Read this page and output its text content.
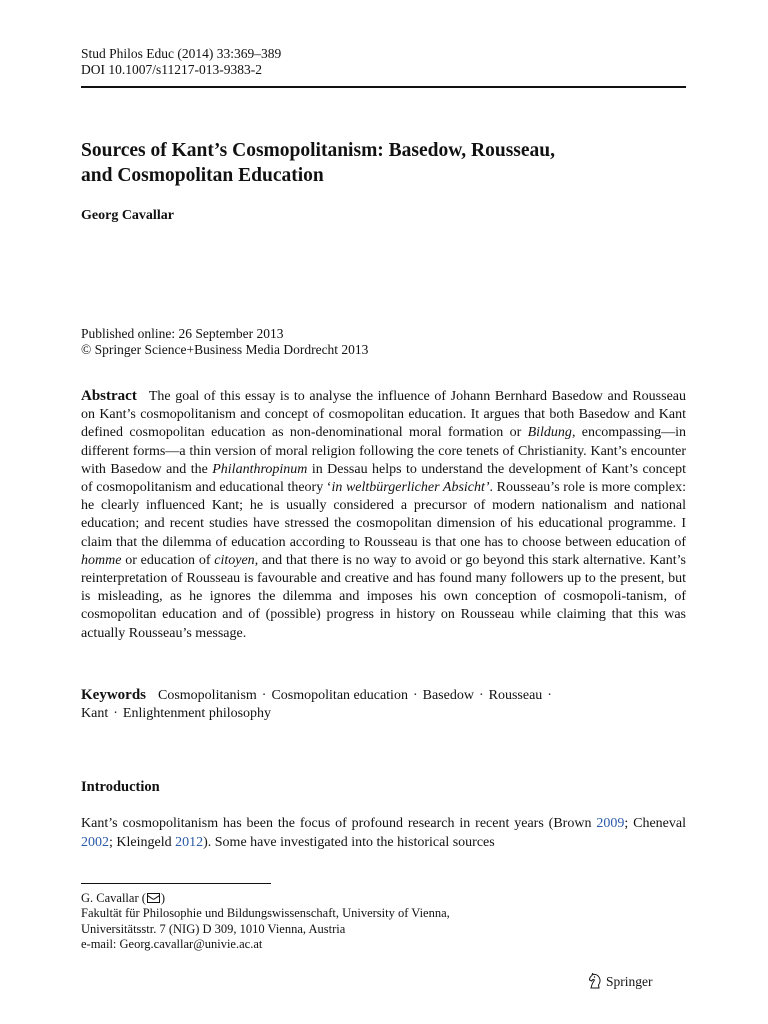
Stud Philos Educ (2014) 33:369–389
DOI 10.1007/s11217-013-9383-2
Sources of Kant’s Cosmopolitanism: Basedow, Rousseau,
and Cosmopolitan Education
Georg Cavallar
Published online: 26 September 2013
© Springer Science+Business Media Dordrecht 2013

Abstract The goal of this essay is to analyse the influence of Johann Bernhard Basedow and Rousseau on Kant’s cosmopolitanism and concept of cosmopolitan education. It argues that both Basedow and Kant defined cosmopolitan education as non-denominational moral formation or Bildung, encompassing—in different forms—a thin version of moral religion following the core tenets of Christianity. Kant’s encounter with Basedow and the Philanthropinum in Dessau helps to understand the development of Kant’s concept of cosmopolitanism and educational theory ‘in weltbürgerlicher Absicht’. Rousseau’s role is more complex: he clearly influenced Kant; he is usually considered a precursor of modern nationalism and national education; and recent studies have stressed the cosmopolitan dimension of his educational programme. I claim that the dilemma of education according to Rousseau is that one has to choose between education of homme or education of citoyen, and that there is no way to avoid or go beyond this stark alternative. Kant’s reinterpretation of Rousseau is favourable and creative and has found many followers up to the present, but is misleading, as he ignores the dilemma and imposes his own conception of cosmopoli-tanism, of cosmopolitan education and of (possible) progress in history on Rousseau while claiming that this was actually Rousseau’s message.

Keywords Cosmopolitanism · Cosmopolitan education · Basedow · Rousseau ·
Kant · Enlightenment philosophy

Introduction

Kant’s cosmopolitanism has been the focus of profound research in recent years (Brown 2009; Cheneval 2002; Kleingeld 2012). Some have investigated into the historical sources

G. Cavallar ( )
Fakultät für Philosophie und Bildungswissenschaft, University of Vienna,
Universitätsstr. 7 (NIG) D 309, 1010 Vienna, Austria
e-mail: Georg.cavallar@univie.ac.at
Springer
